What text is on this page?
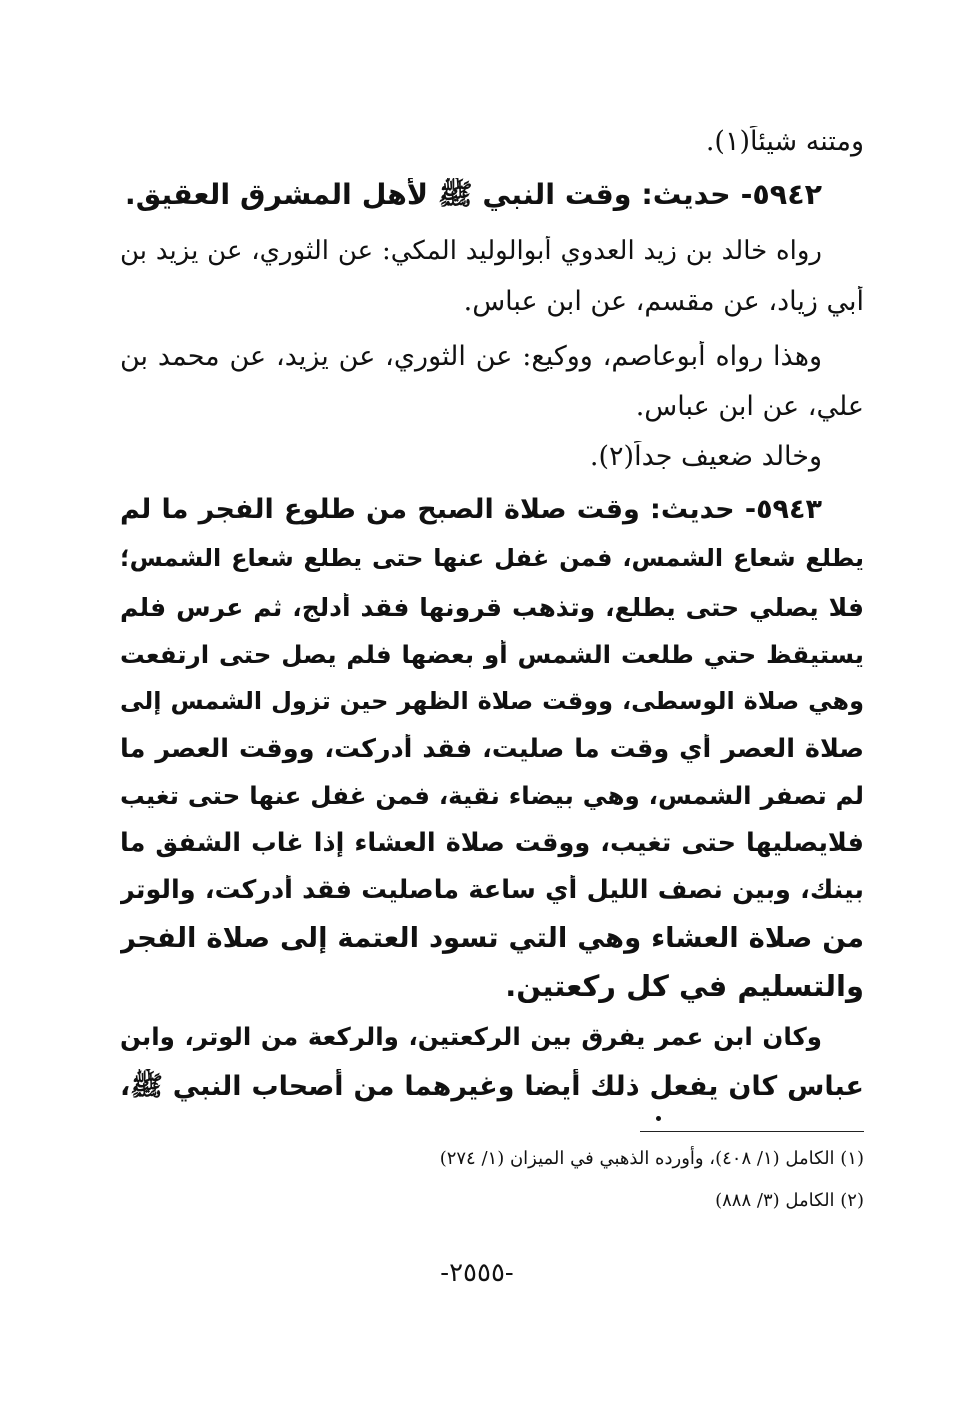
ومتنه شيئاً(١).
٥٩٤٢- حديث: وقت النبي ﷺ لأهل المشرق العقيق.
رواه خالد بن زيد العدوي أبوالوليد المكي: عن الثوري، عن يزيد بن
أبي زياد، عن مقسم، عن ابن عباس.
وهذا رواه أبوعاصم، ووكيع: عن الثوري، عن يزيد، عن محمد بن
علي، عن ابن عباس.
وخالد ضعيف جداً(٢).
٥٩٤٣- حديث: وقت صلاة الصبح من طلوع الفجر ما لم
يطلع شعاع الشمس، فمن غفل عنها حتى يطلع شعاع الشمس؛
فلا يصلي حتى يطلع، وتذهب قرونها فقد أدلج، ثم عرس فلم
يستيقظ حتي طلعت الشمس أو بعضها فلم يصل حتى ارتفعت
وهي صلاة الوسطى، ووقت صلاة الظهر حين تزول الشمس إلى
صلاة العصر أي وقت ما صليت، فقد أدركت، ووقت العصر ما
لم تصفر الشمس، وهي بيضاء نقية، فمن غفل عنها حتى تغيب
فلايصليها حتى تغيب، ووقت صلاة العشاء إذا غاب الشفق ما
بينك، وبين نصف الليل أي ساعة ماصليت فقد أدركت، والوتر
من صلاة العشاء وهي التي تسود العتمة إلى صلاة الفجر
والتسليم في كل ركعتين.
وكان ابن عمر يفرق بين الركعتين، والركعة من الوتر، وابن
عباس كان يفعل ذلك أيضا وغيرهما من أصحاب النبي ﷺ،
(١) الكامل (١/ ٤٠٨)، وأورده الذهبي في الميزان (١/ ٢٧٤)
(٢) الكامل (٣/ ٨٨٨)
-٢٥٥٥-
